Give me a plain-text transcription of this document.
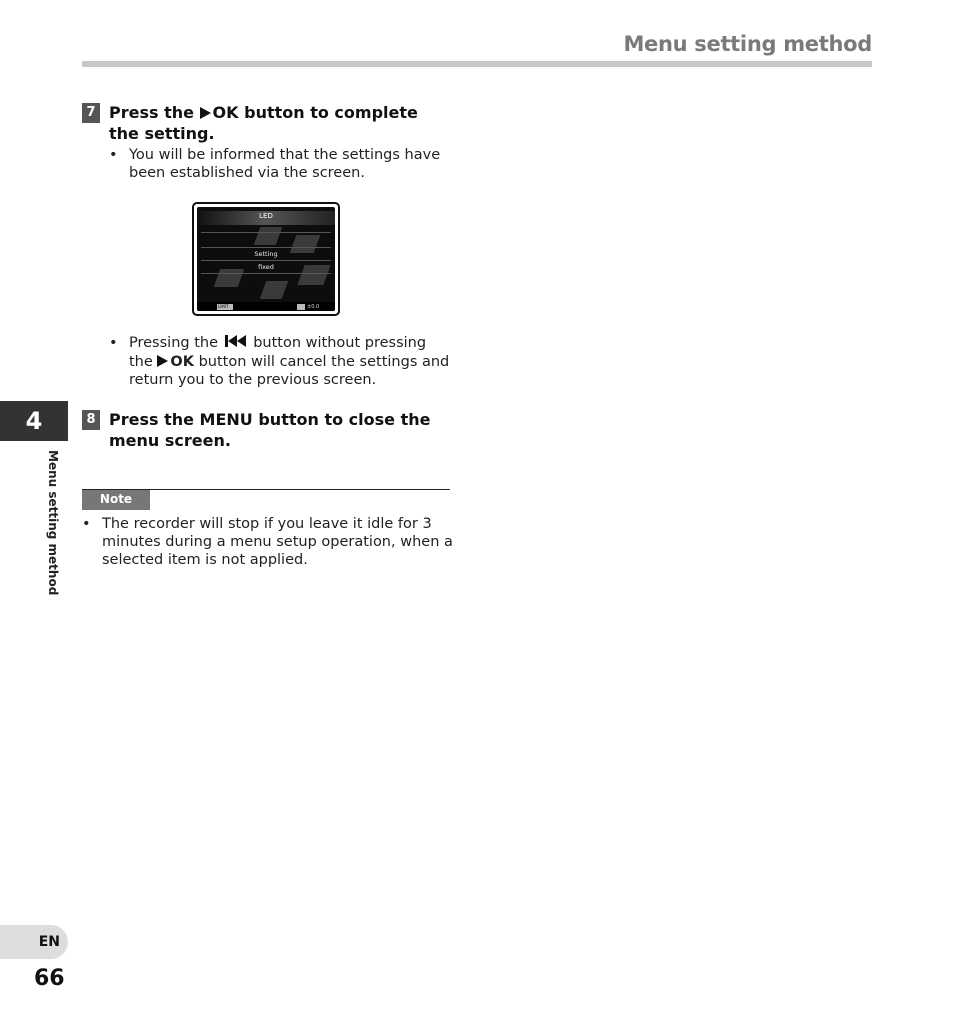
Menu setting method
7 Press the OK button to complete the setting.
• You will be informed that the settings have been established via the screen.
LED
Setting
fixed
LIMIT	±0.0
• Pressing the  button without pressing the OK button will cancel the settings and return you to the previous screen.
8 Press the MENU button to close the menu screen.
Note
• The recorder will stop if you leave it idle for 3 minutes during a menu setup operation, when a selected item is not applied.
4
Menu setting method
EN
66
